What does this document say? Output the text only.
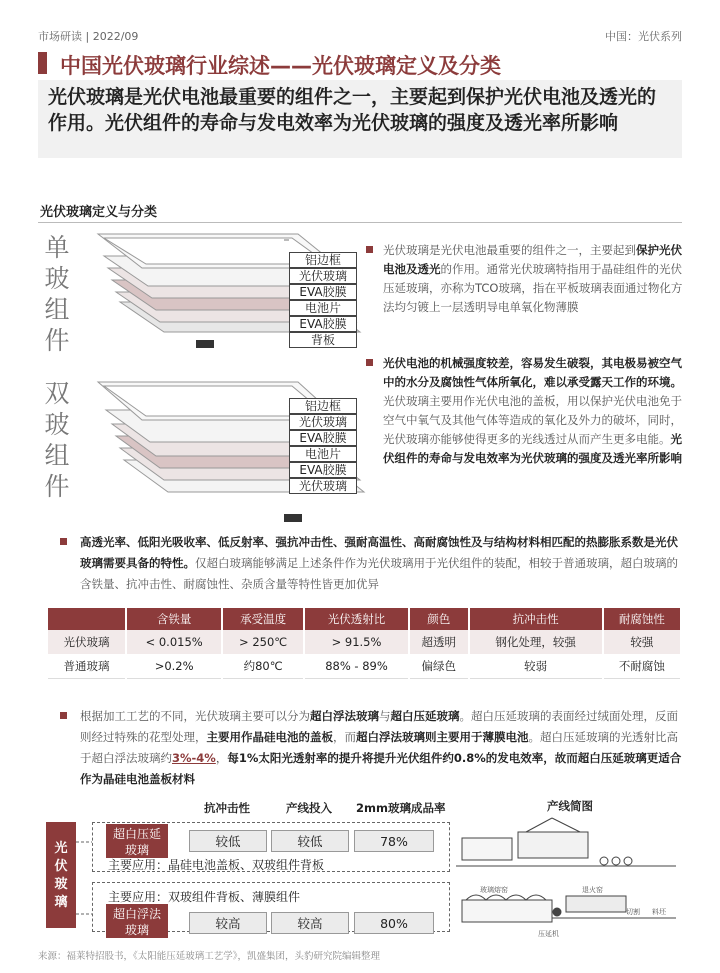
市场研读 | 2022/09	中国：光伏系列
中国光伏玻璃行业综述——光伏玻璃定义及分类
光伏玻璃是光伏电池最重要的组件之一，主要起到保护光伏电池及透光的作用。光伏组件的寿命与发电效率为光伏玻璃的强度及透光率所影响
光伏玻璃定义与分类
单
玻
组
件
铝边框
光伏玻璃
EVA胶膜
电池片
EVA胶膜
背板
双
玻
组
件
铝边框
光伏玻璃
EVA胶膜
电池片
EVA胶膜
光伏玻璃
光伏玻璃是光伏电池最重要的组件之一，主要起到保护光伏电池及透光的作用。通常光伏玻璃特指用于晶硅组件的光伏压延玻璃，亦称为TCO玻璃，指在平板玻璃表面通过物化方法均匀镀上一层透明导电单氧化物薄膜
光伏电池的机械强度较差，容易发生破裂，其电极易被空气中的水分及腐蚀性气体所氧化，难以承受露天工作的环境。光伏玻璃主要用作光伏电池的盖板，用以保护光伏电池免于空气中氧气及其他气体等造成的氧化及外力的破坏，同时，光伏玻璃亦能够使得更多的光线透过从而产生更多电能。光伏组件的寿命与发电效率为光伏玻璃的强度及透光率所影响
高透光率、低阳光吸收率、低反射率、强抗冲击性、强耐高温性、高耐腐蚀性及与结构材料相匹配的热膨胀系数是光伏玻璃需要具备的特性。仅超白玻璃能够满足上述条件作为光伏玻璃用于光伏组件的装配，相较于普通玻璃，超白玻璃的含铁量、抗冲击性、耐腐蚀性、杂质含量等特性皆更加优异
	含铁量	承受温度	光伏透射比	颜色	抗冲击性	耐腐蚀性
光伏玻璃	< 0.015%	> 250℃	> 91.5%	超透明	钢化处理，较强	较强
普通玻璃	>0.2%	约80℃	88% - 89%	偏绿色	较弱	不耐腐蚀
根据加工工艺的不同，光伏玻璃主要可以分为超白浮法玻璃与超白压延玻璃。超白压延玻璃的表面经过绒面处理，反面则经过特殊的花型处理，主要用作晶硅电池的盖板，而超白浮法玻璃则主要用于薄膜电池。超白压延玻璃的光透射比高于超白浮法玻璃约3%-4%，每1%太阳光透射率的提升将提升光伏组件约0.8%的发电效率，故而超白压延玻璃更适合作为晶硅电池盖板材料
抗冲击性	产线投入 2mm玻璃成品率
光伏玻璃
超白压延玻璃
较低	较低	78%
主要应用：晶硅电池盖板、双玻组件背板
主要应用：双玻组件背板、薄膜组件
超白浮法玻璃	较高	较高	80%
产线简图
玻璃熔窑	退火窑
切割 料坯
压延机
来源：福莱特招股书，《太阳能压延玻璃工艺学》，凯盛集团，头豹研究院编辑整理
